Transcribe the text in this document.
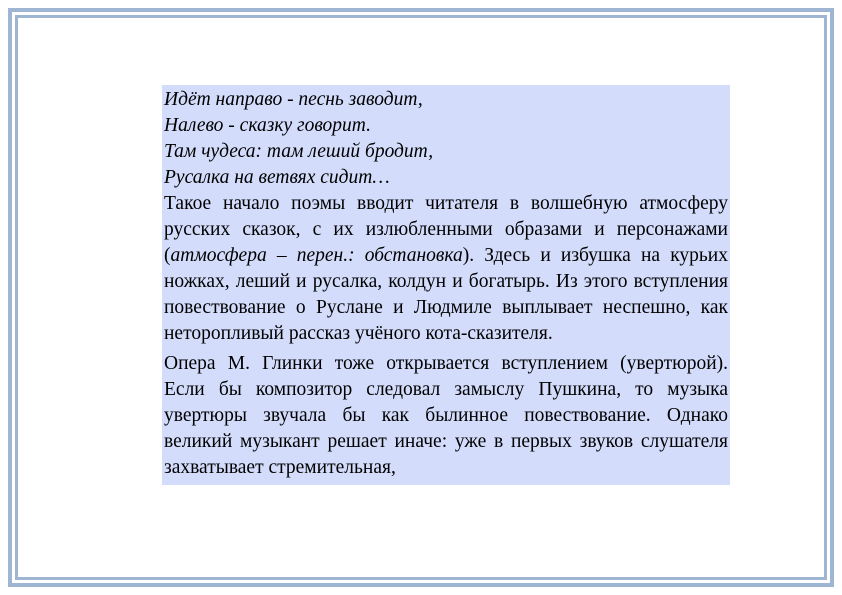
Идёт направо - песнь заводит,
Налево - сказку говорит.
Там чудеса: там леший бродит,
Русалка на ветвях сидит…

Такое начало поэмы вводит читателя в волшебную атмосферу русских сказок, с их излюбленными образами и персонажами (атмосфера – перен.: обстановка). Здесь и избушка на курьих ножках, леший и русалка, колдун и богатырь. Из этого вступления повествование о Руслане и Людмиле выплывает неспешно, как неторопливый рассказ учёного кота-сказителя.

Опера М. Глинки тоже открывается вступлением (увертюрой). Если бы композитор следовал замыслу Пушкина, то музыка увертюры звучала бы как былинное повествование. Однако великий музыкант решает иначе: уже в первых звуков слушателя захватывает стремительная,
